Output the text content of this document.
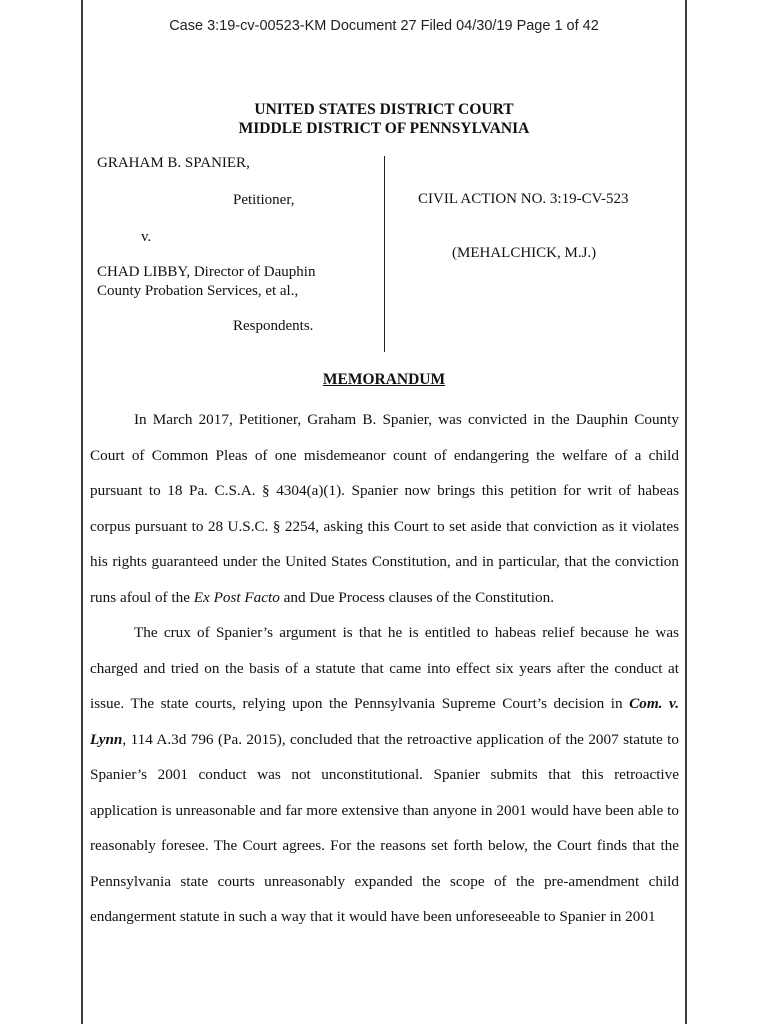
Case 3:19-cv-00523-KM Document 27 Filed 04/30/19 Page 1 of 42
UNITED STATES DISTRICT COURT
MIDDLE DISTRICT OF PENNSYLVANIA
GRAHAM B. SPANIER,
Petitioner,
v.
CHAD LIBBY, Director of Dauphin
County Probation Services, et al.,
Respondents.
CIVIL ACTION NO. 3:19-CV-523
(MEHALCHICK, M.J.)
MEMORANDUM

In March 2017, Petitioner, Graham B. Spanier, was convicted in the Dauphin County Court of Common Pleas of one misdemeanor count of endangering the welfare of a child pursuant to 18 Pa. C.S.A. § 4304(a)(1). Spanier now brings this petition for writ of habeas corpus pursuant to 28 U.S.C. § 2254, asking this Court to set aside that conviction as it violates his rights guaranteed under the United States Constitution, and in particular, that the conviction runs afoul of the Ex Post Facto and Due Process clauses of the Constitution.

The crux of Spanier’s argument is that he is entitled to habeas relief because he was charged and tried on the basis of a statute that came into effect six years after the conduct at issue. The state courts, relying upon the Pennsylvania Supreme Court’s decision in Com. v. Lynn, 114 A.3d 796 (Pa. 2015), concluded that the retroactive application of the 2007 statute to Spanier’s 2001 conduct was not unconstitutional. Spanier submits that this retroactive application is unreasonable and far more extensive than anyone in 2001 would have been able to reasonably foresee. The Court agrees. For the reasons set forth below, the Court finds that the Pennsylvania state courts unreasonably expanded the scope of the pre-amendment child endangerment statute in such a way that it would have been unforeseeable to Spanier in 2001
